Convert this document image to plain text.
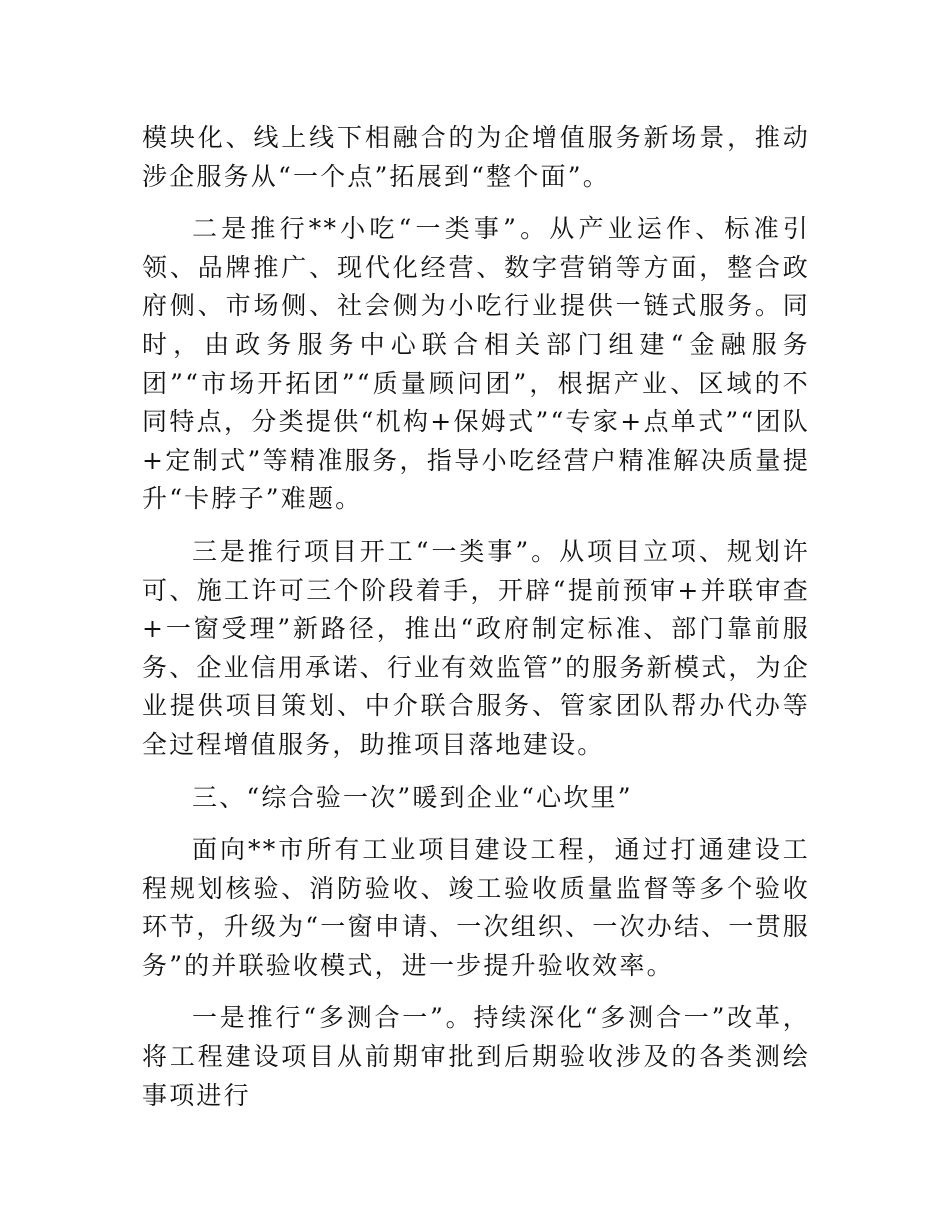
模块化、线上线下相融合的为企增值服务新场景，推动涉企服务从“一个点”拓展到“整个面”。

二是推行**小吃“一类事”。从产业运作、标准引领、品牌推广、现代化经营、数字营销等方面，整合政府侧、市场侧、社会侧为小吃行业提供一链式服务。同时，由政务服务中心联合相关部门组建“金融服务团”“市场开拓团”“质量顾问团”，根据产业、区域的不同特点，分类提供“机构+保姆式”“专家+点单式”“团队+定制式”等精准服务，指导小吃经营户精准解决质量提升“卡脖子”难题。

三是推行项目开工“一类事”。从项目立项、规划许可、施工许可三个阶段着手，开辟“提前预审+并联审查+一窗受理”新路径，推出“政府制定标准、部门靠前服务、企业信用承诺、行业有效监管”的服务新模式，为企业提供项目策划、中介联合服务、管家团队帮办代办等全过程增值服务，助推项目落地建设。

三、“综合验一次”暖到企业“心坎里”

面向**市所有工业项目建设工程，通过打通建设工程规划核验、消防验收、竣工验收质量监督等多个验收环节，升级为“一窗申请、一次组织、一次办结、一贯服务”的并联验收模式，进一步提升验收效率。

一是推行“多测合一”。持续深化“多测合一”改革，将工程建设项目从前期审批到后期验收涉及的各类测绘事项进行
